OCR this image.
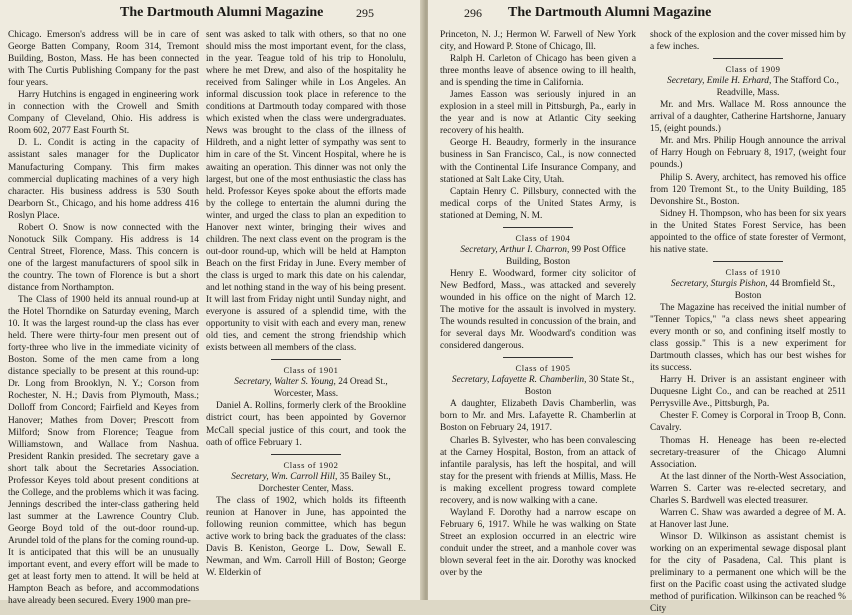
The Dartmouth Alumni Magazine	295

Chicago. Emerson's address will be in care of George Batten Company, Room 314, Tremont Building, Boston, Mass. He has been connected with The Curtis Publishing Company for the past four years.

Harry Hutchins is engaged in engineering work in connection with the Crowell and Smith Company of Cleveland, Ohio. His address is Room 602, 2077 East Fourth St.

D. L. Condit is acting in the capacity of assistant sales manager for the Duplicator Manufacturing Company. This firm makes commercial duplicating machines of a very high character. His business address is 530 South Dearborn St., Chicago, and his home address 416 Roslyn Place.

Robert O. Snow is now connected with the Nonotuck Silk Company. His address is 14 Central Street, Florence, Mass. This concern is one of the largest manufacturers of spool silk in the country. The town of Florence is but a short distance from Northampton.

The Class of 1900 held its annual round-up at the Hotel Thorndike on Saturday evening, March 10. It was the largest round-up the class has ever held. There were thirty-four men present out of forty-three who live in the immediate vicinity of Boston. Some of the men came from a long distance specially to be present at this round-up: Dr. Long from Brooklyn, N. Y.; Corson from Rochester, N. H.; Davis from Plymouth, Mass.; Dolloff from Concord; Fairfield and Keyes from Hanover; Mathes from Dover; Prescott from Milford; Snow from Florence; Teague from Williamstown, and Wallace from Nashua. President Rankin presided. The secretary gave a short talk about the Secretaries Association. Professor Keyes told about present conditions at the College, and the problems which it was facing. Jennings described the inter-class gathering held last summer at the Lawrence Country Club. George Boyd told of the out-door round-up. Arundel told of the plans for the coming round-up. It is anticipated that this will be an unusually important event, and every effort will be made to get at least forty men to attend. It will be held at Hampton Beach as before, and accommodations have already been secured. Every 1900 man pre-

sent was asked to talk with others, so that no one should miss the most important event, for the class, in the year. Teague told of his trip to Honolulu, where he met Drew, and also of the hospitality he received from Salinger while in Los Angeles. An informal discussion took place in reference to the conditions at Dartmouth today compared with those which existed when the class were undergraduates. News was brought to the class of the illness of Hildreth, and a night letter of sympathy was sent to him in care of the St. Vincent Hospital, where he is awaiting an operation. This dinner was not only the largest, but one of the most enthusiastic the class has held. Professor Keyes spoke about the efforts made by the college to entertain the alumni during the winter, and urged the class to plan an expedition to Hanover next winter, bringing their wives and children. The next class event on the program is the out-door round-up, which will be held at Hampton Beach on the first Friday in June. Every member of the class is urged to mark this date on his calendar, and let nothing stand in the way of his being present. It will last from Friday night until Sunday night, and everyone is assured of a splendid time, with the opportunity to visit with each and every man, renew old ties, and cement the strong friendship which exists between all members of the class.

Class of 1901

Secretary, Walter S. Young, 24 Oread St., Worcester, Mass.

Daniel A. Rollins, formerly clerk of the Brookline district court, has been appointed by Governor McCall special justice of this court, and took the oath of office February 1.

Class of 1902

Secretary, Wm. Carroll Hill, 35 Bailey St., Dorchester Center, Mass.

The class of 1902, which holds its fifteenth reunion at Hanover in June, has appointed the following reunion committee, which has begun active work to bring back the graduates of the class: Davis B. Keniston, George L. Dow, Sewall E. Newman, and Wm. Carroll Hill of Boston; George W. Elderkin of

296 The Dartmouth Alumni Magazine

Princeton, N. J.; Hermon W. Farwell of New York city, and Howard P. Stone of Chicago, Ill.

Ralph H. Carleton of Chicago has been given a three months leave of absence owing to ill health, and is spending the time in California.

James Easson was seriously injured in an explosion in a steel mill in Pittsburgh, Pa., early in the year and is now at Atlantic City seeking recovery of his health.

George H. Beaudry, formerly in the insurance business in San Francisco, Cal., is now connected with the Continental Life Insurance Company, and stationed at Salt Lake City, Utah.

Captain Henry C. Pillsbury, connected with the medical corps of the United States Army, is stationed at Deming, N. M.

Class of 1904

Secretary, Arthur I. Charron, 99 Post Office Building, Boston

Henry E. Woodward, former city solicitor of New Bedford, Mass., was attacked and severely wounded in his office on the night of March 12. The motive for the assault is involved in mystery. The wounds resulted in concussion of the brain, and for several days Mr. Woodward's condition was considered dangerous.

Class of 1905

Secretary, Lafayette R. Chamberlin, 30 State St., Boston

A daughter, Elizabeth Davis Chamberlin, was born to Mr. and Mrs. Lafayette R. Chamberlin at Boston on February 24, 1917.

Charles B. Sylvester, who has been convalescing at the Carney Hospital, Boston, from an attack of infantile paralysis, has left the hospital, and will stay for the present with friends at Millis, Mass. He is making excellent progress toward complete recovery, and is now walking with a cane.

Wayland F. Dorothy had a narrow escape on February 6, 1917. While he was walking on State Street an explosion occurred in an electric wire conduit under the street, and a manhole cover was blown several feet in the air. Dorothy was knocked over by the

shock of the explosion and the cover missed him by a few inches.

Class of 1909

Secretary, Emile H. Erhard, The Stafford Co., Readville, Mass.

Mr. and Mrs. Wallace M. Ross announce the arrival of a daughter, Catherine Hartshorne, January 15, (eight pounds.)

Mr. and Mrs. Philip Hough announce the arrival of Harry Hough on February 8, 1917, (weight four pounds.)

Philip S. Avery, architect, has removed his office from 120 Tremont St., to the Unity Building, 185 Devonshire St., Boston.

Sidney H. Thompson, who has been for six years in the United States Forest Service, has been appointed to the office of state forester of Vermont, his native state.

Class of 1910

Secretary, Sturgis Pishon, 44 Bromfield St., Boston

The Magazine has received the initial number of "Tenner Topics," "a class news sheet appearing every month or so, and confining itself mostly to class gossip." This is a new experiment for Dartmouth classes, which has our best wishes for its success.

Harry H. Driver is an assistant engineer with Duquesne Light Co., and can be reached at 2511 Perrysville Ave., Pittsburgh, Pa.

Chester F. Comey is Corporal in Troop B, Conn. Cavalry.

Thomas H. Heneage has been re-elected secretary-treasurer of the Chicago Alumni Association.

At the last dinner of the North-West Association, Warren S. Carter was re-elected secretary, and Charles S. Bardwell was elected treasurer.

Warren C. Shaw was awarded a degree of M. A. at Hanover last June.

Winsor D. Wilkinson as assistant chemist is working on an experimental sewage disposal plant for the city of Pasadena, Cal. This plant is preliminary to a permanent one which will be the first on the Pacific coast using the activated sludge method of purification. Wilkinson can be reached % City
